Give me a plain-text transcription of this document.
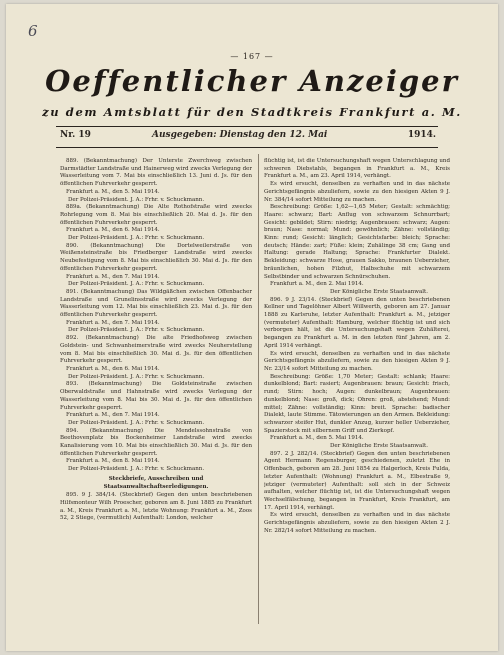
6
— 167 —
Oeffentlicher Anzeiger
zu dem Amtsblatt für den Stadtkreis Frankfurt a. M.
Nr. 19	Ausgegeben: Dienstag den 12. Mai	1914.

889. (Bekanntmachung) Der Unterste Zwerchweg zwischen Darmstädter Landstraße und Hainerweg wird zwecks Verlegung der Wasserleitung vom 7. Mai bis einschließlich 13. Juni d. Js. für den öffentlichen Fuhrverkehr gesperrt.

Frankfurt a. M., den 5. Mai 1914.

Der Polizei-Präsident. J. A.: Frhr. v. Schuckmann.

889a. (Bekanntmachung) Die Alte Rothofstraße wird zwecks Rohrlegung vom 8. Mai bis einschließlich 20. Mai d. Js. für den öffentlichen Fuhrverkehr gesperrt.

Frankfurt a. M., den 6. Mai 1914.

Der Polizei-Präsident. J. A.: Frhr. v. Schuckmann.

890. (Bekanntmachung) Die Dortelweilerstraße von Weißensteinstraße bis Friedberger Landstraße wird zwecks Neubefestigung vom 8. Mai bis einschließlich 30. Mai d. Js. für den öffentlichen Fuhrverkehr gesperrt.

Frankfurt a. M., den 7. Mai 1914.

Der Polizei-Präsident. J. A.: Frhr. v. Schuckmann.

891. (Bekanntmachung) Das Wildgäßchen zwischen Offenbacher Landstraße und Grunelinsstraße wird zwecks Verlegung der Wasserleitung vom 12. Mai bis einschließlich 23. Mai d. Js. für den öffentlichen Fuhrverkehr gesperrt.

Frankfurt a. M., den 7. Mai 1914.

Der Polizei-Präsident. J. A.: Frhr. v. Schuckmann.

892. (Bekanntmachung) Die alte Friedhofsweg zwischen Goldstein- und Schwanheimerstraße wird zwecks Neuherstellung vom 8. Mai bis einschließlich 30. Mai d. Js. für den öffentlichen Fuhrverkehr gesperrt.

Frankfurt a. M., den 6. Mai 1914.

Der Polizei-Präsident. J. A.: Frhr. v. Schuckmann.

893. (Bekanntmachung) Die Goldsteinstraße zwischen Oberwaldstraße und Hahnstraße wird zwecks Verlegung der Wasserleitung vom 8. Mai bis 30. Mai d. Js. für den öffentlichen Fuhrverkehr gesperrt.

Frankfurt a. M., den 7. Mai 1914.

Der Polizei-Präsident. J. A.: Frhr. v. Schuckmann.

894. (Bekanntmachung) Die Mendelssohnstraße von Beethovenplatz bis Bockenheimer Landstraße wird zwecks Kanalisierung vom 10. Mai bis einschließlich 30. Mai d. Js. für den öffentlichen Fuhrverkehr gesperrt.

Frankfurt a. M., den 8. Mai 1914.

Der Polizei-Präsident. J. A.: Frhr. v. Schuckmann.

Steckbriefe, Ausschreiben und Staatsanwaltschaftserledigungen.

895. 9 J. 384/14. (Steckbrief) Gegen den unten beschriebenen Hilfsmonteur Wilh Proescher, geboren am 8. Juni 1885 zu Frankfurt a. M., Kreis Frankfurt a. M., letzte Wohnung: Frankfurt a. M., Zoos 52, 2 Stiege, (vermutlich) Aufenthalt: London, welcher

flüchtig ist, ist die Untersuchungshaft wegen Unterschlagung und schweren Diebstahls, begangen in Frankfurt a. M., Kreis Frankfurt a. M., am 23. April 1914, verhängt.

Es wird ersucht, denselben zu verhaften und in das nächste Gerichtsgefängnis abzuliefern, sowie zu den hiesigen Akten 9 J. Nr. 384/14 sofort Mitteilung zu machen.

Beschreibung: Größe: 1,62—1,65 Meter; Gestalt: schmächtig; Haare: schwarz; Bart: Anflug von schwarzem Schnurrbart; Gesicht: gebildet; Stirn: niedrig; Augenbrauen: schwarz; Augen: braun; Nase: normal; Mund: gewöhnlich; Zähne: vollständig; Kinn: rund; Gesicht: länglich; Gesichtsfarbe: bleich; Sprache: deutsch; Hände: zart; Füße: klein; Zuhälinge 38 cm; Gang und Haltung: gerade Haltung; Sprache: Frankfurter Dialekt. Bekleidung: schwarze Hose, grauen Sakko, braunen Ueberzieher, bräunlichen, hohen Filzhut, Halbschuhe mit schwarzem Selbstbinder und schwarzen Schnürschuhen.

Frankfurt a. M., den 2. Mai 1914.

Der Königliche Erste Staatsanwalt.

896. 9 J. 23/14. (Steckbrief) Gegen den unten beschriebenen Kellner und Tagelöhner Albert Willwerth, geboren am 27. Januar 1888 zu Karlsruhe, letzter Aufenthalt: Frankfurt a. M., jetziger (vermuteter) Aufenthalt: Hamburg, welcher flüchtig ist und sich verborgen hält, ist die Untersuchungshaft wegen Zuhälterei, begangen zu Frankfurt a. M. in den letzten fünf Jahren, am 2. April 1914 verhängt.

Es wird ersucht, denselben zu verhaften und in das nächste Gerichtsgefängnis abzuliefern, sowie zu den hiesigen Akten 9 J. Nr. 23/14 sofort Mitteilung zu machen.

Beschreibung: Größe: 1,70 Meter; Gestalt: schlank; Haare: dunkelblond; Bart: rasiert; Augenbrauen: braun; Gesicht: frisch, rund; Stirn: hoch; Augen: dunkelbraun; Augenbrauen: dunkelblond; Nase: groß, dick; Ohren: groß, abstehend; Mund: mittel; Zähne: vollständig; Kinn: breit. Sprache: badischer Dialekt, laute Stimme. Tätowierungen an den Armen. Bekleidung: schwarzer steifer Hut, dunkler Anzug, kurzer heller Ueberzieher, Spazierstock mit silbernem Griff und Zierkopf.

Frankfurt a. M., den 5. Mai 1914.

Der Königliche Erste Staatsanwalt.

897. 2 J. 282/14. (Steckbrief) Gegen den unten beschriebenen Agent Hermann Regensburger, geschiedenen, zuletzt Ehe in Offenbach, geboren am 28. Juni 1854 zu Halgerloch, Kreis Fulda, letzter Aufenthalt: (Wohnung) Frankfurt a. M., Elbestraße 9, jetziger (vermuteter) Aufenthalt: soll sich in der Schweiz aufhalten, welcher flüchtig ist, ist die Untersuchungshaft wegen Wechselfälschung, begangen in Frankfurt, Kreis Frankfurt, am 17. April 1914, verhängt.

Es wird ersucht, denselben zu verhaften und in das nächste Gerichtsgefängnis abzuliefern, sowie zu den hiesigen Akten 2 J. Nr. 282/14 sofort Mitteilung zu machen.
